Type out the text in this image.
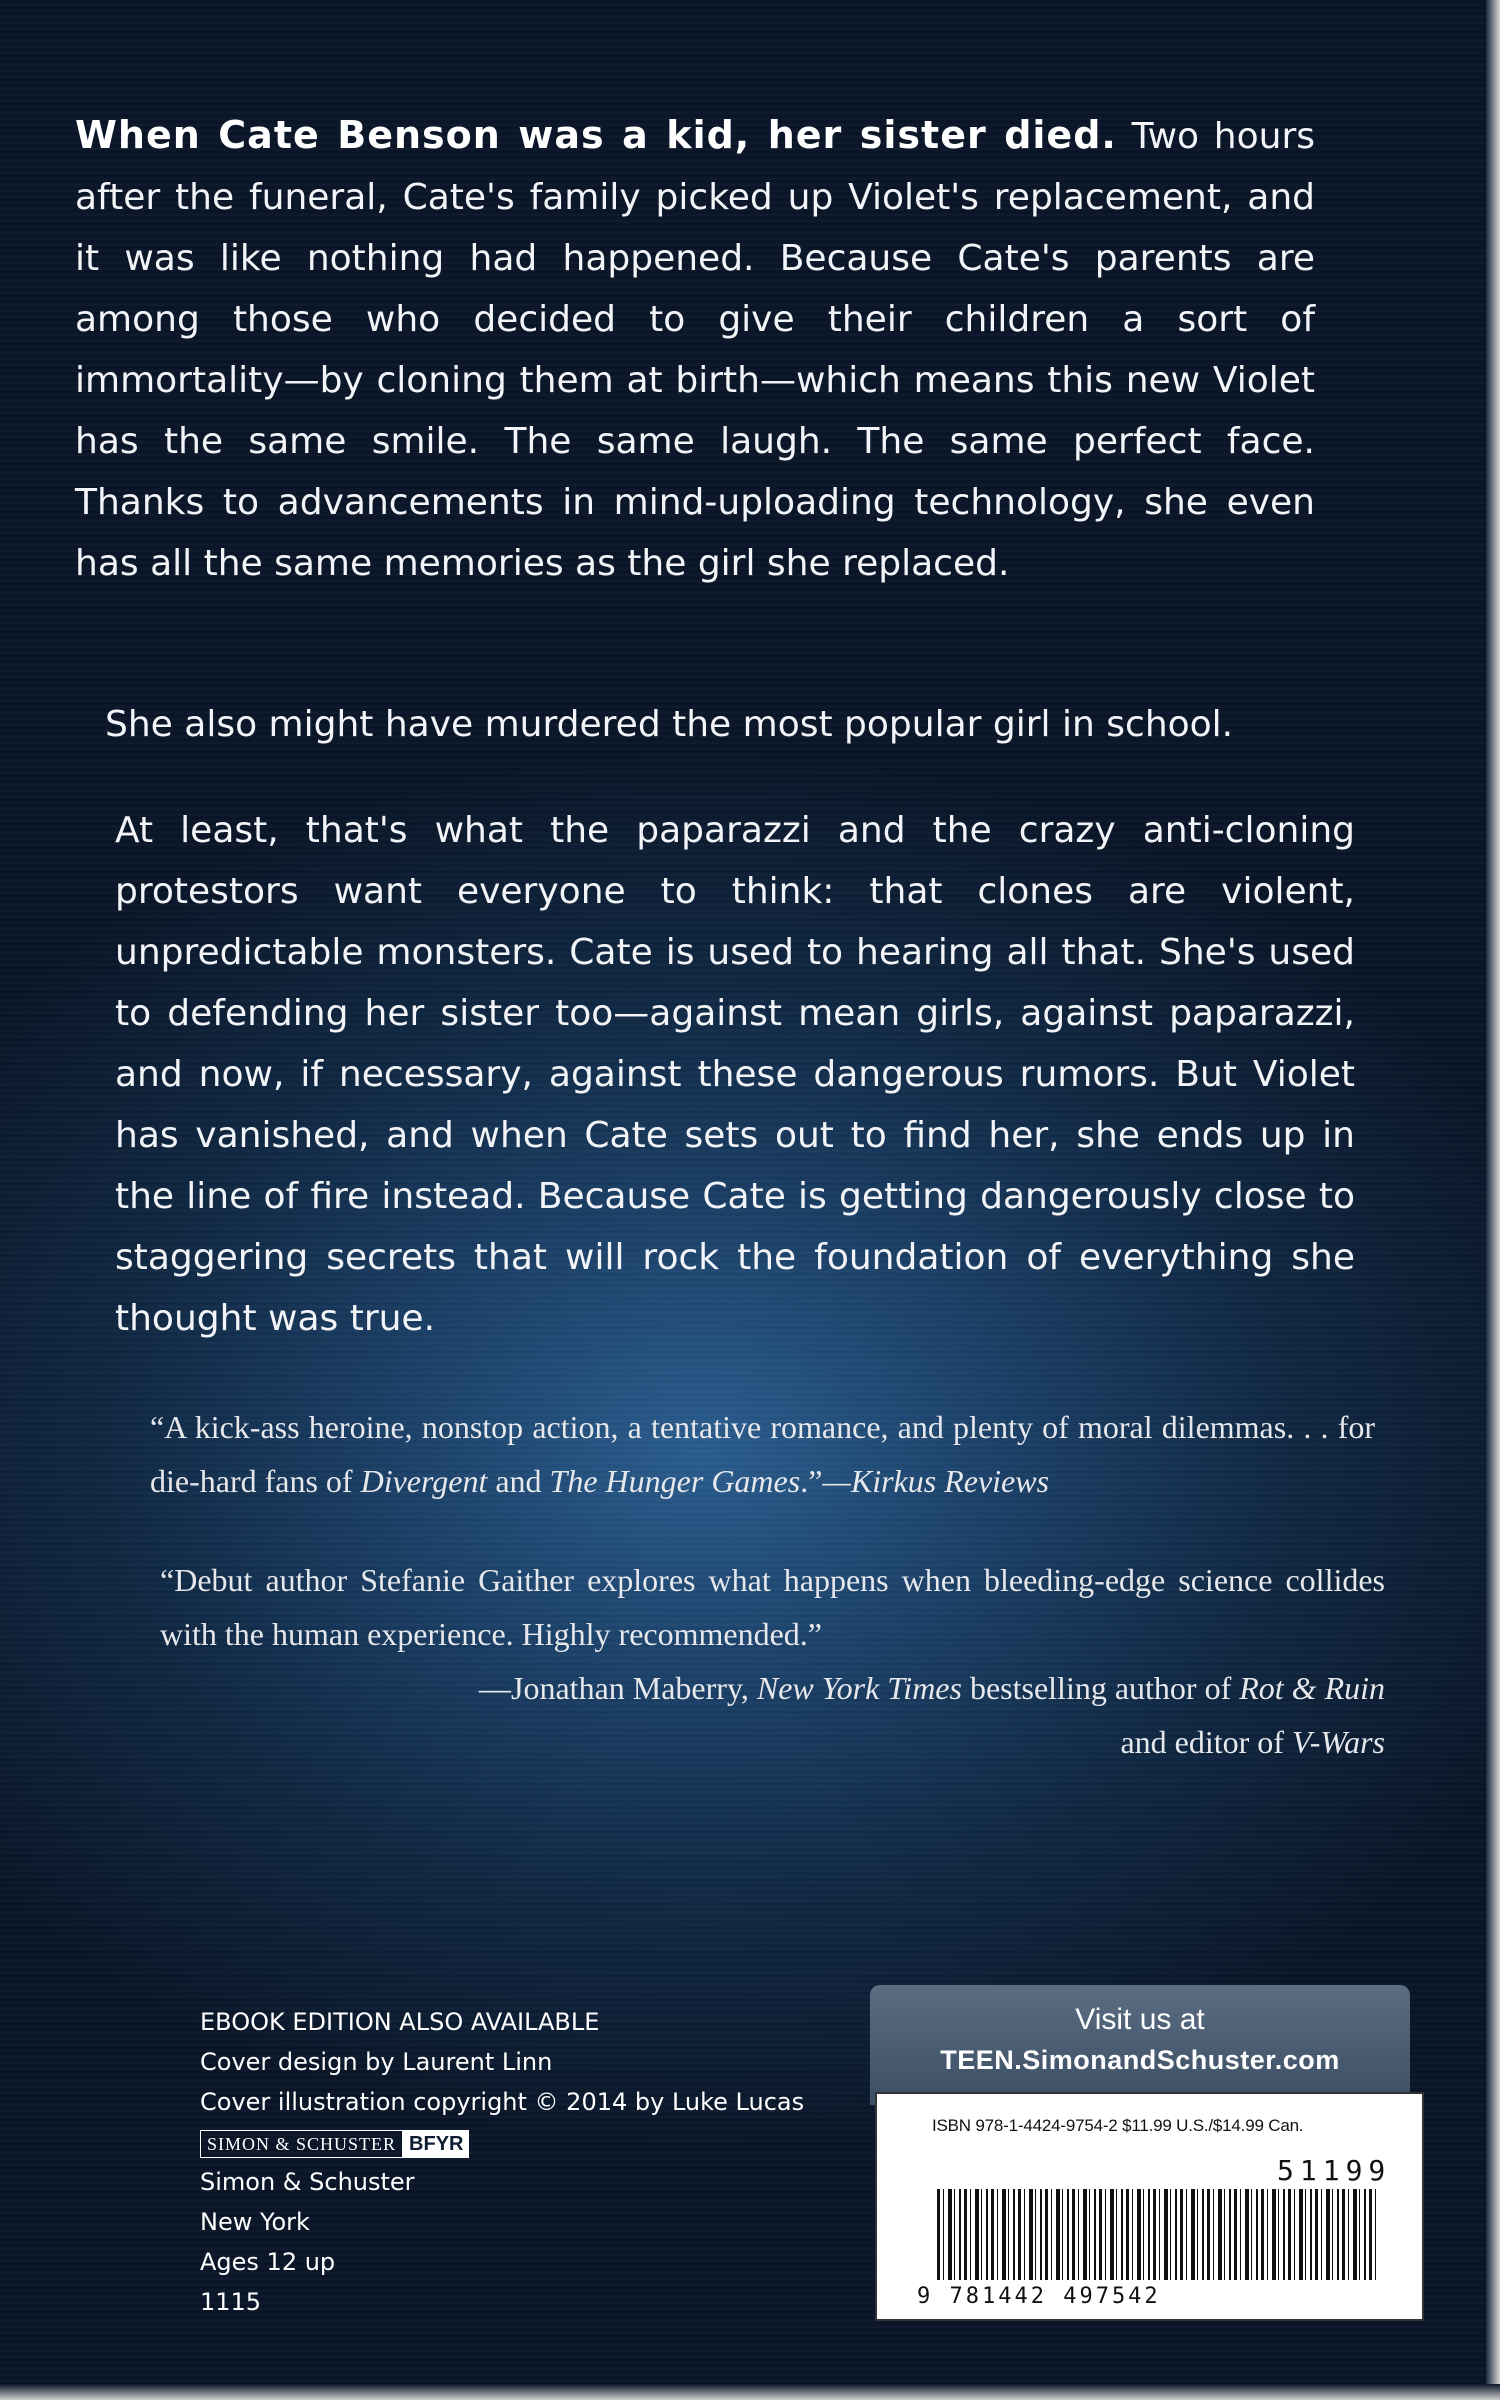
When Cate Benson was a kid, her sister died. Two hours after the funeral, Cate's family picked up Violet's replacement, and it was like nothing had happened. Because Cate's parents are among those who decided to give their children a sort of immortality—by cloning them at birth—which means this new Violet has the same smile. The same laugh. The same perfect face. Thanks to advancements in mind-uploading technology, she even has all the same memories as the girl she replaced.
She also might have murdered the most popular girl in school.
At least, that's what the paparazzi and the crazy anti-cloning protestors want everyone to think: that clones are violent, unpredictable monsters. Cate is used to hearing all that. She's used to defending her sister too—against mean girls, against paparazzi, and now, if necessary, against these dangerous rumors. But Violet has vanished, and when Cate sets out to find her, she ends up in the line of fire instead. Because Cate is getting dangerously close to staggering secrets that will rock the foundation of everything she thought was true.
“A kick-ass heroine, nonstop action, a tentative romance, and plenty of moral dilemmas. . . for die-hard fans of Divergent and The Hunger Games.”—Kirkus Reviews
“Debut author Stefanie Gaither explores what happens when bleeding-edge science collides with the human experience. Highly recommended.”
—Jonathan Maberry, New York Times bestselling author of Rot & Ruin
and editor of V-Wars
EBOOK EDITION ALSO AVAILABLE
Cover design by Laurent Linn
Cover illustration copyright © 2014 by Luke Lucas
SIMON & SCHUSTER BFYR
Simon & Schuster
New York
Ages 12 up
1115
Visit us at
TEEN.SimonandSchuster.com
ISBN 978-1-4424-9754-2 $11.99 U.S./$14.99 Can.
51199
9 781442 497542
